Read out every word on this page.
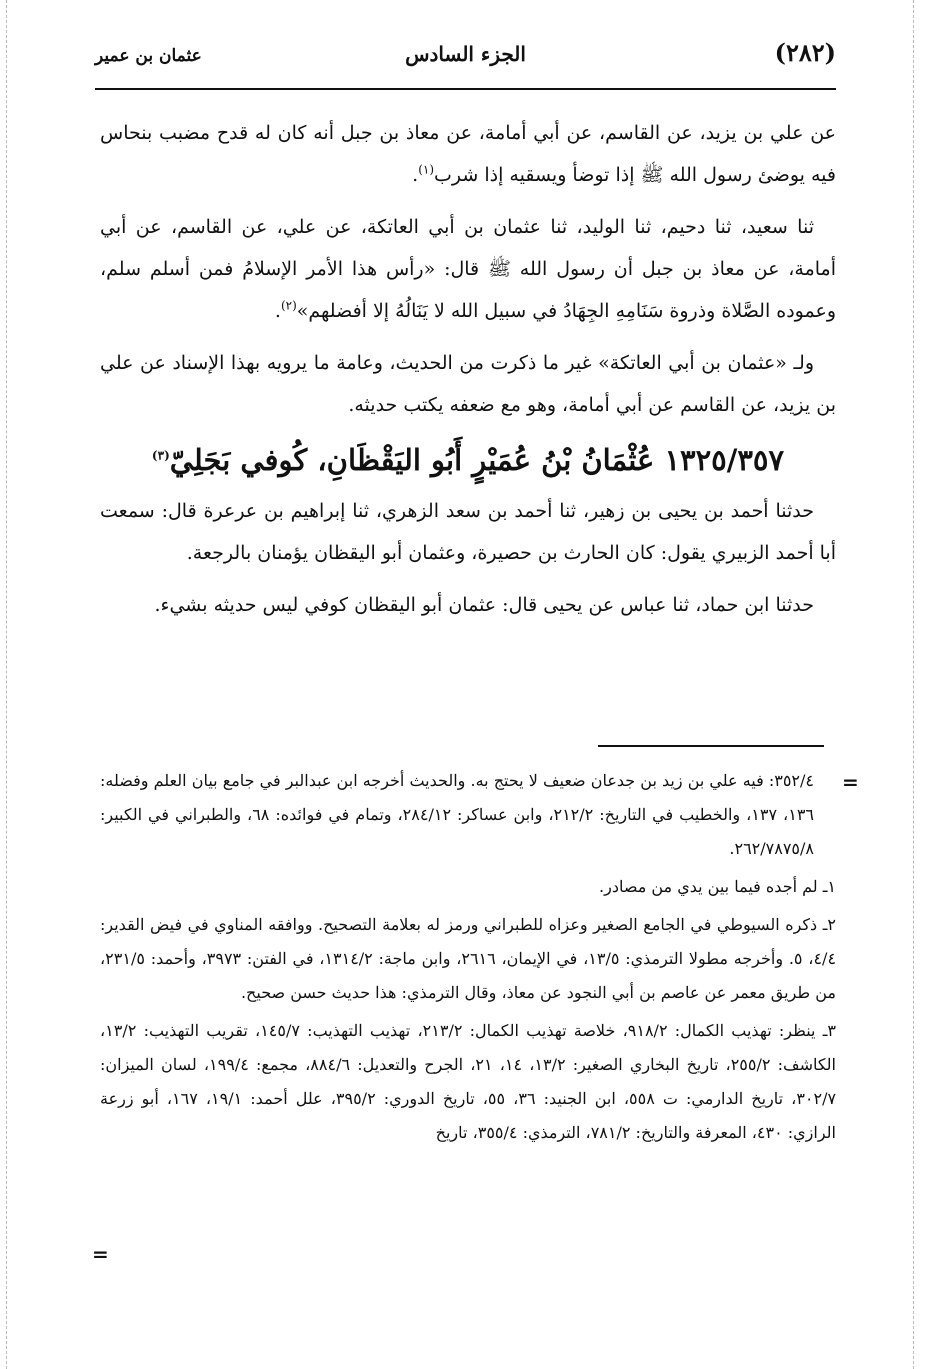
(٢٨٢)
الجزء السادس
عثمان بن عمير

عن علي بن يزيد، عن القاسم، عن أبي أمامة، عن معاذ بن جبل أنه كان له قدح مضبب بنحاس فيه يوضئ رسول الله ﷺ إذا توضأ ويسقيه إذا شرب$^{(١)}$.

ثنا سعيد، ثنا دحيم، ثنا الوليد، ثنا عثمان بن أبي العاتكة، عن علي، عن القاسم، عن أبي أمامة، عن معاذ بن جبل أن رسول الله ﷺ قال: «رأس هذا الأمر الإسلامُ فمن أسلم سلم، وعموده الصَّلاة وذروة سَنَامِهِ الجِهَادُ في سبيل الله لا يَنَالُهُ إلا أفضلهم»$^{(٢)}$.

ولـ «عثمان بن أبي العاتكة» غير ما ذكرت من الحديث، وعامة ما يرويه بهذا الإسناد عن علي بن يزيد، عن القاسم عن أبي أمامة، وهو مع ضعفه يكتب حديثه.

١٣٢٥/٣٥٧ عُثْمَانُ بْنُ عُمَيْرٍ أَبُو اليَقْظَانِ، كُوفي بَجَلِيّ$^{(٣)}$

حدثنا أحمد بن يحيى بن زهير، ثنا أحمد بن سعد الزهري، ثنا إبراهيم بن عرعرة قال: سمعت أبا أحمد الزبيري يقول: كان الحارث بن حصيرة، وعثمان أبو اليقظان يؤمنان بالرجعة.

حدثنا ابن حماد، ثنا عباس عن يحيى قال: عثمان أبو اليقظان كوفي ليس حديثه بشيء.

=

٣٥٢/٤: فيه علي بن زيد بن جدعان ضعيف لا يحتج به. والحديث أخرجه ابن عبدالبر في جامع بيان العلم وفضله: ١٣٦، ١٣٧، والخطيب في التاريخ: ٢١٢/٢، وابن عساكر: ٢٨٤/١٢، وتمام في فوائده: ٦٨، والطبراني في الكبير: ٢٦٢/٧٨٧٥/٨.

١ـ لم أجده فيما بين يدي من مصادر.

٢ـ ذكره السيوطي في الجامع الصغير وعزاه للطبراني ورمز له بعلامة التصحيح. ووافقه المناوي في فيض القدير: ٤/٤، ٥. وأخرجه مطولا الترمذي: ١٣/٥، في الإيمان، ٢٦١٦، وابن ماجة: ١٣١٤/٢، في الفتن: ٣٩٧٣، وأحمد: ٢٣١/٥، من طريق معمر عن عاصم بن أبي النجود عن معاذ، وقال الترمذي: هذا حديث حسن صحيح.

٣ـ ينظر: تهذيب الكمال: ٩١٨/٢، خلاصة تهذيب الكمال: ٢١٣/٢، تهذيب التهذيب: ١٤٥/٧، تقريب التهذيب: ١٣/٢، الكاشف: ٢٥٥/٢، تاريخ البخاري الصغير: ١٣/٢، ١٤، ٢١، الجرح والتعديل: ٨٨٤/٦، مجمع: ١٩٩/٤، لسان الميزان: ٣٠٢/٧، تاريخ الدارمي: ت ٥٥٨، ابن الجنيد: ٣٦، ٥٥، تاريخ الدوري: ٣٩٥/٢، علل أحمد: ١٩/١، ١٦٧، أبو زرعة الرازي: ٤٣٠، المعرفة والتاريخ: ٧٨١/٢، الترمذي: ٣٥٥/٤، تاريخ

=
